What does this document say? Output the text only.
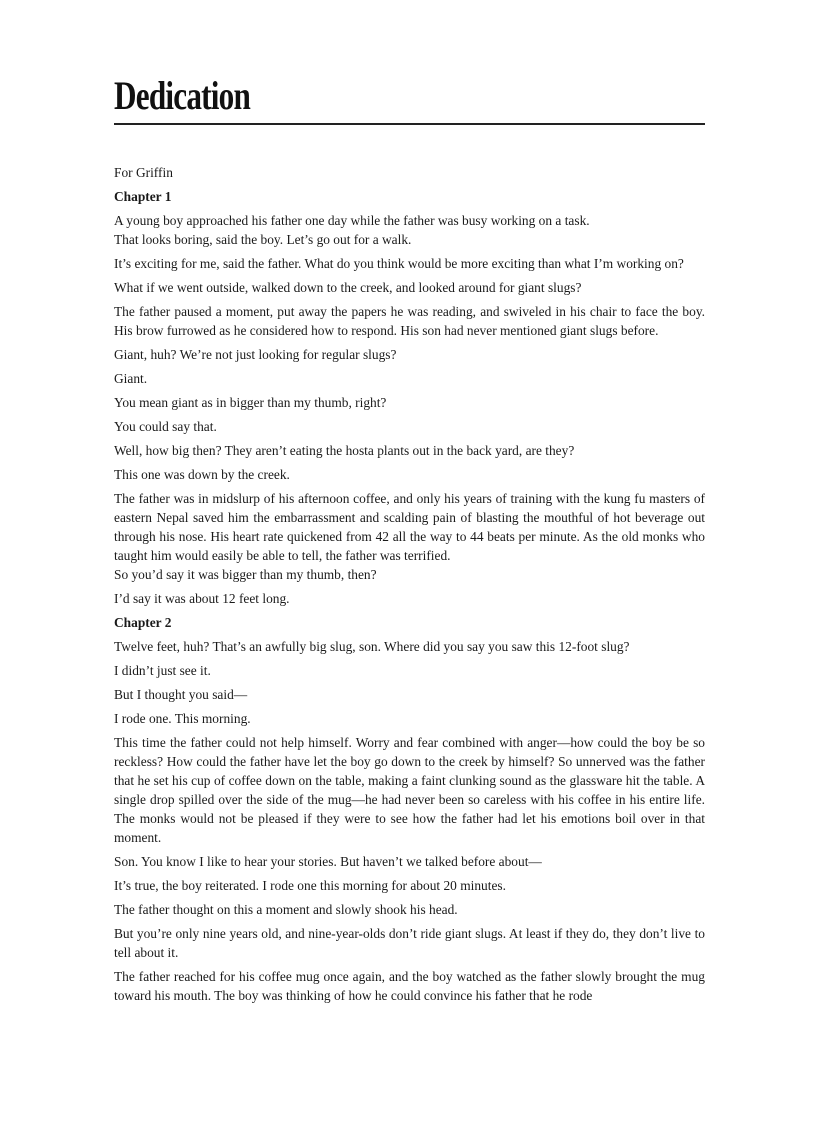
Dedication

For Griffin

Chapter 1

A young boy approached his father one day while the father was busy working on a task.

That looks boring, said the boy. Let’s go out for a walk.

It’s exciting for me, said the father. What do you think would be more exciting than what I’m working on?

What if we went outside, walked down to the creek, and looked around for giant slugs?

The father paused a moment, put away the papers he was reading, and swiveled in his chair to face the boy. His brow furrowed as he considered how to respond. His son had never mentioned giant slugs before.

Giant, huh? We’re not just looking for regular slugs?

Giant.

You mean giant as in bigger than my thumb, right?

You could say that.

Well, how big then? They aren’t eating the hosta plants out in the back yard, are they?

This one was down by the creek.

The father was in midslurp of his afternoon coffee, and only his years of training with the kung fu masters of eastern Nepal saved him the embarrassment and scalding pain of blasting the mouthful of hot beverage out through his nose. His heart rate quickened from 42 all the way to 44 beats per minute. As the old monks who taught him would easily be able to tell, the father was terrified.

So you’d say it was bigger than my thumb, then?

I’d say it was about 12 feet long.

Chapter 2

Twelve feet, huh? That’s an awfully big slug, son. Where did you say you saw this 12-foot slug?

I didn’t just see it.

But I thought you said—

I rode one. This morning.

This time the father could not help himself. Worry and fear combined with anger—how could the boy be so reckless? How could the father have let the boy go down to the creek by himself? So unnerved was the father that he set his cup of coffee down on the table, making a faint clunking sound as the glassware hit the table. A single drop spilled over the side of the mug—he had never been so careless with his coffee in his entire life. The monks would not be pleased if they were to see how the father had let his emotions boil over in that moment.

Son. You know I like to hear your stories. But haven’t we talked before about—

It’s true, the boy reiterated. I rode one this morning for about 20 minutes.

The father thought on this a moment and slowly shook his head.

But you’re only nine years old, and nine-year-olds don’t ride giant slugs. At least if they do, they don’t live to tell about it.

The father reached for his coffee mug once again, and the boy watched as the father slowly brought the mug toward his mouth. The boy was thinking of how he could convince his father that he rode
